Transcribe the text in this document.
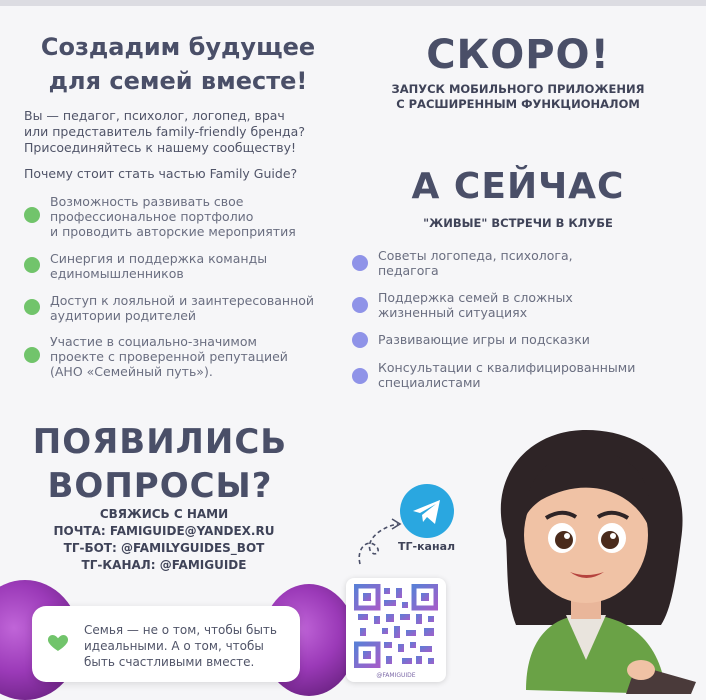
Создадим будущее
для семей вместе!
Вы — педагог, психолог, логопед, врач
или представитель family-friendly бренда?
Присоединяйтесь к нашему сообществу!
Почему стоит стать частью Family Guide?
Возможность развивать свое
профессиональное портфолио
и проводить авторские мероприятия
Синергия и поддержка команды
единомышленников
Доступ к лояльной и заинтересованной
аудитории родителей
Участие в социально-значимом
проекте с проверенной репутацией
(АНО «Семейный путь»).
СКОРО!
ЗАПУСК МОБИЛЬНОГО ПРИЛОЖЕНИЯ
С РАСШИРЕННЫМ ФУНКЦИОНАЛОМ
А СЕЙЧАС
"ЖИВЫЕ" ВСТРЕЧИ В КЛУБЕ
Советы логопеда, психолога,
педагога
Поддержка семей в сложных
жизненный ситуациях
Развивающие игры и подсказки
Консультации с квалифицированными
специалистами
ПОЯВИЛИСЬ
ВОПРОСЫ?
СВЯЖИСЬ С НАМИ
ПОЧТА: FAMIGUIDE@YANDEX.RU
ТГ-БОТ: @FAMILYGUIDES_BOT
ТГ-КАНАЛ: @FAMIGUIDE
Семья — не о том, чтобы быть
идеальными. А о том, чтобы
быть счастливыми вместе.
ТГ-канал
@FAMIGUIDE
